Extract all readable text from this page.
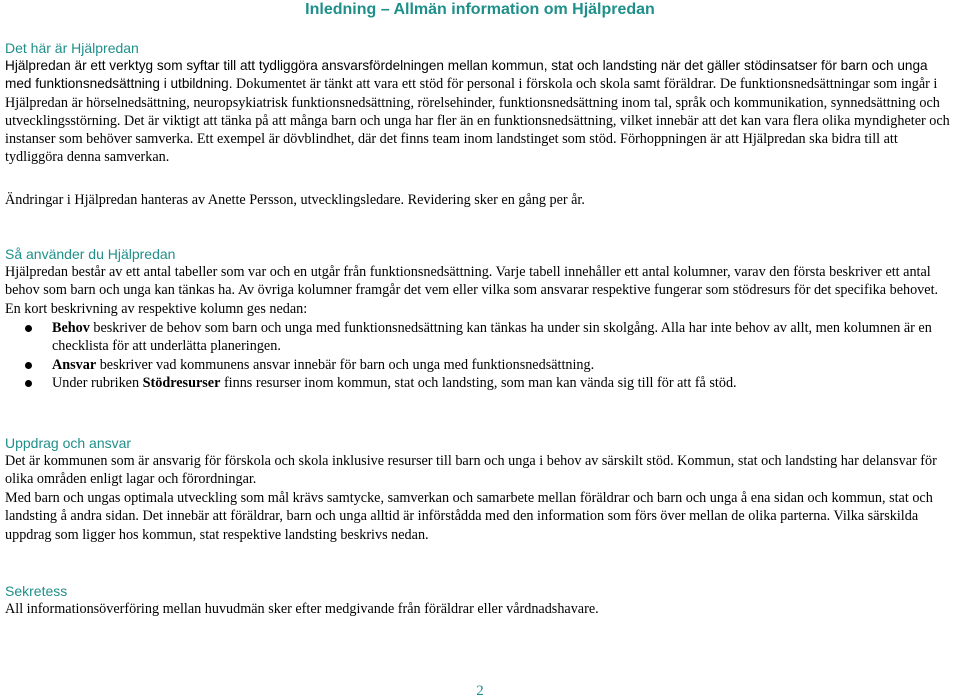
Inledning – Allmän information om Hjälpredan
Det här är Hjälpredan

Hjälpredan är ett verktyg som syftar till att tydliggöra ansvarsfördelningen mellan kommun, stat och landsting när det gäller stödinsatser för barn och unga med funktionsnedsättning i utbildning. Dokumentet är tänkt att vara ett stöd för personal i förskola och skola samt föräldrar. De funktionsnedsättningar som ingår i Hjälpredan är hörselnedsättning, neuropsykiatrisk funktionsnedsättning, rörelsehinder, funktionsnedsättning inom tal, språk och kommunikation, synnedsättning och utvecklingsstörning. Det är viktigt att tänka på att många barn och unga har fler än en funktionsnedsättning, vilket innebär att det kan vara flera olika myndigheter och instanser som behöver samverka. Ett exempel är dövblindhet, där det finns team inom landstinget som stöd. Förhoppningen är att Hjälpredan ska bidra till att tydliggöra denna samverkan.

Ändringar i Hjälpredan hanteras av Anette Persson, utvecklingsledare. Revidering sker en gång per år.

Så använder du Hjälpredan

Hjälpredan består av ett antal tabeller som var och en utgår från funktionsnedsättning. Varje tabell innehåller ett antal kolumner, varav den första beskriver ett antal behov som barn och unga kan tänkas ha. Av övriga kolumner framgår det vem eller vilka som ansvarar respektive fungerar som stödresurs för det specifika behovet. En kort beskrivning av respektive kolumn ges nedan:

Behov beskriver de behov som barn och unga med funktionsnedsättning kan tänkas ha under sin skolgång. Alla har inte behov av allt, men kolumnen är en checklista för att underlätta planeringen.
Ansvar beskriver vad kommunens ansvar innebär för barn och unga med funktionsnedsättning.
Under rubriken Stödresurser finns resurser inom kommun, stat och landsting, som man kan vända sig till för att få stöd.
Uppdrag och ansvar

Det är kommunen som är ansvarig för förskola och skola inklusive resurser till barn och unga i behov av särskilt stöd. Kommun, stat och landsting har delansvar för olika områden enligt lagar och förordningar.

Med barn och ungas optimala utveckling som mål krävs samtycke, samverkan och samarbete mellan föräldrar och barn och unga å ena sidan och kommun, stat och landsting å andra sidan. Det innebär att föräldrar, barn och unga alltid är införstådda med den information som förs över mellan de olika parterna. Vilka särskilda uppdrag som ligger hos kommun, stat respektive landsting beskrivs nedan.

Sekretess

All informationsöverföring mellan huvudmän sker efter medgivande från föräldrar eller vårdnadshavare.

2
